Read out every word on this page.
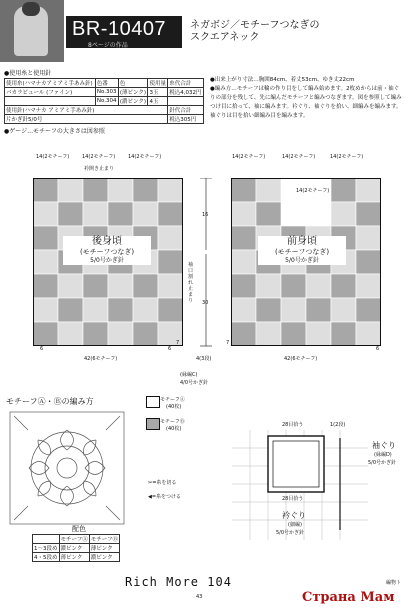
BR-10407
8ページの作品
ネガボジ／モチーフつなぎの
スクエアネック
●使用糸と使用針
使用糸(ハマナカアミアミ手あみ針)	色番	色	使用量	糸代合計
バカラピュール (ファイン)	No.303	(薄ピンク)	3玉	税込4,032円
	No.304	(濃ピンク)	4玉	
使用針(ハマナカ アミアミ手あみ針)				針代合計
片かぎ針5/0号				税込305円
●ゲージ…モチーフの大きさは図参照
●出来上がり寸法…胸囲84cm、着丈53cm、ゆき丈22cm
●編み方…モチーフは輪の作り目をして編み始めます。2枚めからは前・袖ぐりの部分を残して、先に編んだモチーフと編みつなぎます。図を参照して編みつけ目に拾って、袖に編みます。衿ぐり、袖ぐりを拾い、細編みを編みます。袖ぐりは目を拾い細編み目を編みます。
14(2モチーフ)	14(2モチーフ)	14(2モチーフ)
衿開き止まり
後身頃
(モチーフつなぎ)
5/0号かぎ針
42(6モチーフ)
6	6
16
30
4(3段)
袖口割れ止まり
(縁編C)
4/0号かぎ針
7	7
14(2モチーフ)	14(2モチーフ)	14(2モチーフ)
14(2モチーフ)
前身頃
(モチーフつなぎ)
5/0号かぎ針
42(6モチーフ)
6
モチーフⒶ・Ⓑの編み方	モチーフⒶ
(40枚)
モチーフⒷ
(40枚)
✂=糸を切る
◀=糸をつける
配色
	モチーフⒶ	モチーフⒷ
1〜3段め	濃ピンク	薄ピンク
4・5段め	薄ピンク	濃ピンク
28目拾う	1(2段)
28目拾う
衿ぐり
(細編)
5/0号かぎ針
袖ぐり
(縁編D)
5/0号かぎ針
Rich More 104
43
編物ト
Страна Мам
